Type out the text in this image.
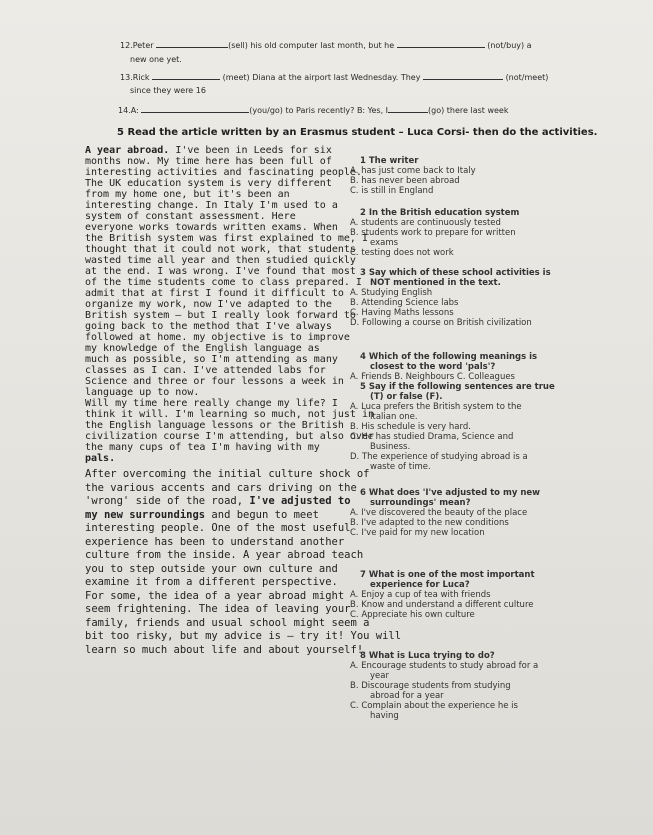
12.Peter	(sell) his old computer last month, but he	(not/buy) a
new one yet.
13.Rick	(meet) Diana at the airport last Wednesday. They	(not/meet)
since they were 16
14.A:	(you/go) to Paris recently? B: Yes, I	(go) there last week
5 Read the article written by an Erasmus student – Luca Corsi- then do the activities.
A year abroad. I've been in Leeds for six
months now. My time here has been full of
interesting activities and fascinating people.
The UK education system is very different
from my home one, but it's been an
interesting change. In Italy I'm used to a
system of constant assessment. Here
everyone works towards written exams. When
the British system was first explained to me, I
thought that it could not work, that students
wasted time all year and then studied quickly
at the end. I was wrong. I've found that most
of the time students come to class prepared. I
admit that at first I found it difficult to
organize my work, now I've adapted to the
British system – but I really look forward to
going back to the method that I've always
followed at home. my objective is to improve
my knowledge of the English language as
much as possible, so I'm attending as many
classes as I can. I've attended labs for
Science and three or four lessons a week in
language up to now.
Will my time here really change my life? I
think it will. I'm learning so much, not just in
the English language lessons or the British
civilization course I'm attending, but also over
the many cups of tea I'm having with my
pals.
After overcoming the initial culture shock of
the various accents and cars driving on the
'wrong' side of the road, I've adjusted to
my new surroundings and begun to meet
interesting people. One of the most useful
experience has been to understand another
culture from the inside. A year abroad teach
you to step outside your own culture and
examine it from a different perspective.
For some, the idea of a year abroad might
seem frightening. The idea of leaving your
family, friends and usual school might seem a
bit too risky, but my advice is – try it! You will
learn so much about life and about yourself!
1 The writer
A. has just come back to Italy
B. has never been abroad
C. is still in England
2 In the British education system
A. students are continuously tested
B. students work to prepare for written
exams
C. testing does not work
3 Say which of these school activities is
NOT mentioned in the text.
A. Studying English
B. Attending Science labs
C. Having Maths lessons
D. Following a course on British civilization
4 Which of the following meanings is
closest to the word 'pals'?
A. Friends B. Neighbours C. Colleagues
5 Say if the following sentences are true
(T) or false (F).
A. Luca prefers the British system to the
Italian one.
B. His schedule is very hard.
C. He has studied Drama, Science and
Business.
D. The experience of studying abroad is a
waste of time.
6 What does 'I've adjusted to my new
surroundings' mean?
A. I've discovered the beauty of the place
B. I've adapted to the new conditions
C. I've paid for my new location
7 What is one of the most important
experience for Luca?
A. Enjoy a cup of tea with friends
B. Know and understand a different culture
C. Appreciate his own culture
8 What is Luca trying to do?
A. Encourage students to study abroad for a
year
B. Discourage students from studying
abroad for a year
C. Complain about the experience he is
having
